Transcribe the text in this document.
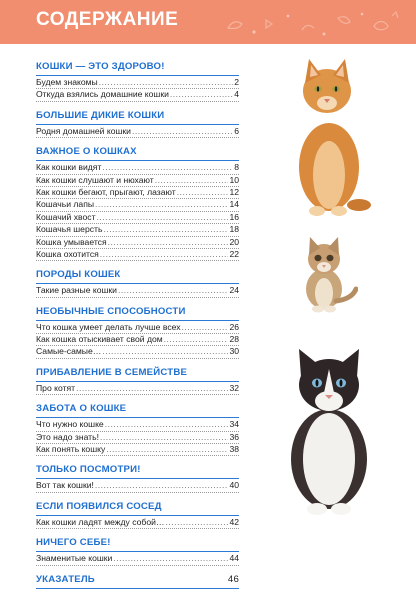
СОДЕРЖАНИЕ
КОШКИ — ЭТО ЗДОРОВО!
Будем знакомы .....	2
Откуда взялись домашние кошки .....	4
БОЛЬШИЕ ДИКИЕ КОШКИ
Родня домашней кошки .....	6
ВАЖНОЕ О КОШКАХ
Как кошки видят .....	8
Как кошки слушают и нюхают .....	10
Как кошки бегают, прыгают, лазают .....	12
Кошачьи лапы .....	14
Кошачий хвост .....	16
Кошачья шерсть .....	18
Кошка умывается .....	20
Кошка охотится .....	22
ПОРОДЫ КОШЕК
Такие разные кошки .....	24
НЕОБЫЧНЫЕ СПОСОБНОСТИ
Что кошка умеет делать лучше всех .....	26
Как кошка отыскивает свой дом .....	28
Самые-самые… .....	30
ПРИБАВЛЕНИЕ В СЕМЕЙСТВЕ
Про котят .....	32
ЗАБОТА О КОШКЕ
Что нужно кошке .....	34
Это надо знать! .....	36
Как понять кошку .....	38
ТОЛЬКО ПОСМОТРИ!
Вот так кошки! .....	40
ЕСЛИ ПОЯВИЛСЯ СОСЕД
Как кошки ладят между собой… .....	42
НИЧЕГО СЕБЕ!
Знаменитые кошки .....	44
УКАЗАТЕЛЬ	46
